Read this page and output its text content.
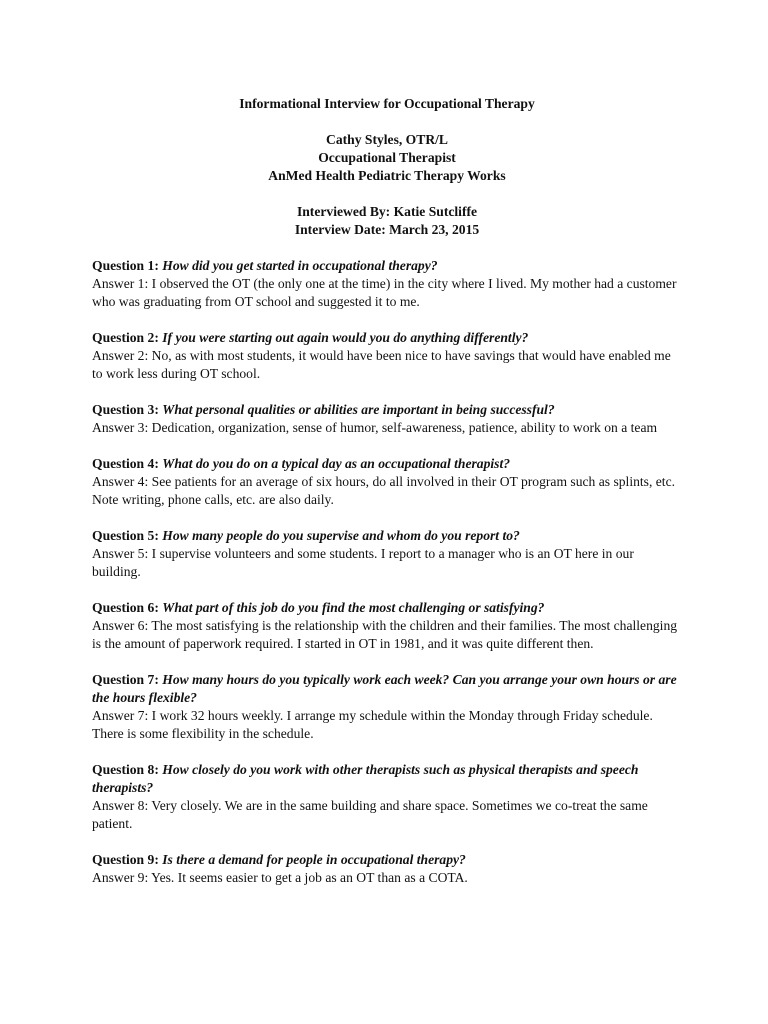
Informational Interview for Occupational Therapy
Cathy Styles, OTR/L
Occupational Therapist
AnMed Health Pediatric Therapy Works
Interviewed By: Katie Sutcliffe
Interview Date: March 23, 2015
Question 1: How did you get started in occupational therapy?
Answer 1: I observed the OT (the only one at the time) in the city where I lived. My mother had a customer who was graduating from OT school and suggested it to me.
Question 2: If you were starting out again would you do anything differently?
Answer 2: No, as with most students, it would have been nice to have savings that would have enabled me to work less during OT school.
Question 3: What personal qualities or abilities are important in being successful?
Answer 3: Dedication, organization, sense of humor, self-awareness, patience, ability to work on a team
Question 4: What do you do on a typical day as an occupational therapist?
Answer 4: See patients for an average of six hours, do all involved in their OT program such as splints, etc. Note writing, phone calls, etc. are also daily.
Question 5: How many people do you supervise and whom do you report to?
Answer 5: I supervise volunteers and some students. I report to a manager who is an OT here in our building.
Question 6: What part of this job do you find the most challenging or satisfying?
Answer 6: The most satisfying is the relationship with the children and their families. The most challenging is the amount of paperwork required. I started in OT in 1981, and it was quite different then.
Question 7: How many hours do you typically work each week? Can you arrange your own hours or are the hours flexible?
Answer 7: I work 32 hours weekly. I arrange my schedule within the Monday through Friday schedule. There is some flexibility in the schedule.
Question 8: How closely do you work with other therapists such as physical therapists and speech therapists?
Answer 8: Very closely. We are in the same building and share space. Sometimes we co-treat the same patient.
Question 9: Is there a demand for people in occupational therapy?
Answer 9: Yes. It seems easier to get a job as an OT than as a COTA.
